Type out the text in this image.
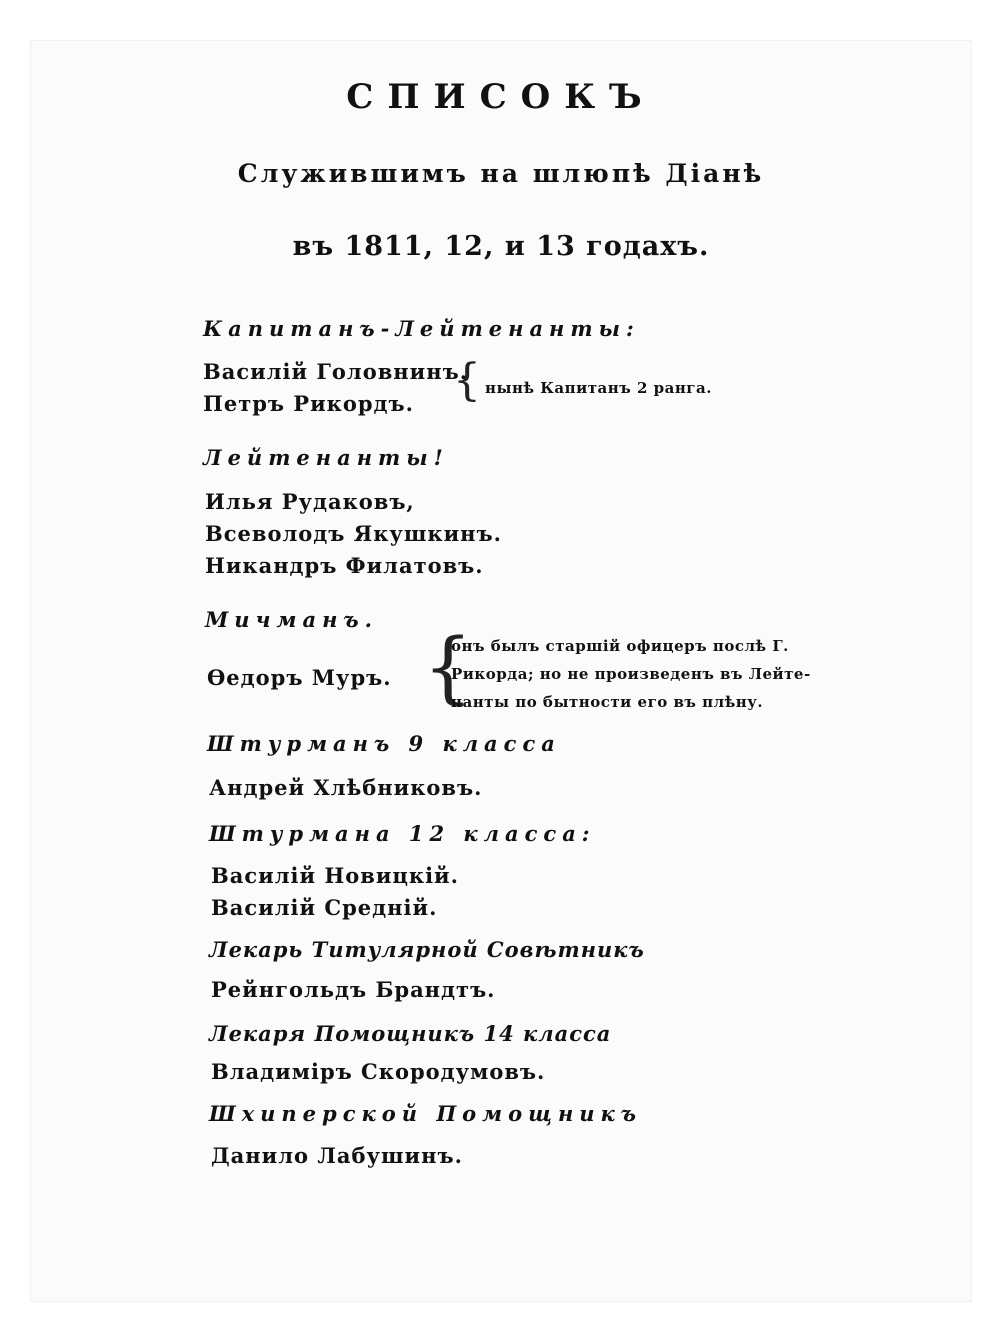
СПИСОКЪ
Служившимъ на шлюпѣ Діанѣ
въ 1811, 12, и 13 годахъ.
Капитанъ-Лейтенанты:
Василій Головнинъ.
Петръ Рикордъ. { нынѣ Капитанъ 2 ранга.
Лейтенанты!
Илья Рудаковъ,
Всеволодъ Якушкинъ.
Никандръ Филатовъ.
Мичманъ.
{
Өедоръ Муръ.
онъ былъ старшій офицеръ послѣ Г.
Рикорда; но не произведенъ въ Лейте-
нанты по бытности его въ плѣну.
Штурманъ 9 класса
Андрей Хлѣбниковъ.
Штурмана 12 класса:
Василій Новицкій.
Василій Средній.
Лекарь Титулярной Совѣтникъ
Рейнгольдъ Брандтъ.
Лекаря Помощникъ 14 класса
Владиміръ Скородумовъ.
Шхиперской Помощникъ
Данило Лабушинъ.
